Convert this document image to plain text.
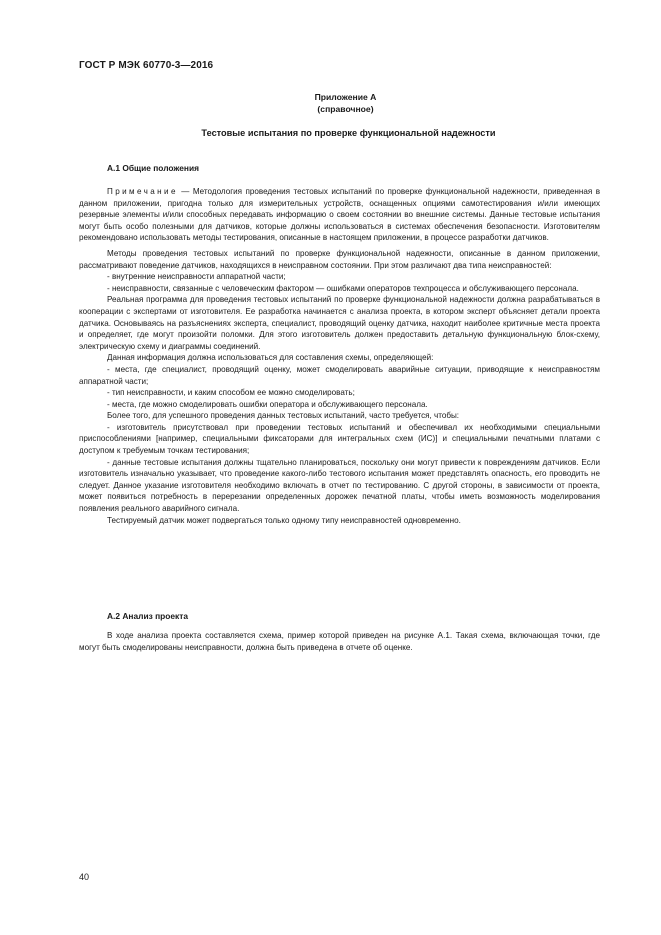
ГОСТ Р МЭК 60770-3—2016
Приложение А
(справочное)
Тестовые испытания по проверке функциональной надежности
А.1 Общие положения

Примечание — Методология проведения тестовых испытаний по проверке функциональной надежности, приведенная в данном приложении, пригодна только для измерительных устройств, оснащенных опциями самотестирования и/или имеющих резервные элементы и/или способных передавать информацию о своем состоянии во внешние системы. Данные тестовые испытания могут быть особо полезными для датчиков, которые должны использоваться в системах обеспечения безопасности. Изготовителям рекомендовано использовать методы тестирования, описанные в настоящем приложении, в процессе разработки датчиков.

Методы проведения тестовых испытаний по проверке функциональной надежности, описанные в данном приложении, рассматривают поведение датчиков, находящихся в неисправном состоянии. При этом различают два типа неисправностей:

- внутренние неисправности аппаратной части;

- неисправности, связанные с человеческим фактором — ошибками операторов техпроцесса и обслуживающего персонала.

Реальная программа для проведения тестовых испытаний по проверке функциональной надежности должна разрабатываться в кооперации с экспертами от изготовителя. Ее разработка начинается с анализа проекта, в котором эксперт объясняет детали проекта датчика. Основываясь на разъяснениях эксперта, специалист, проводящий оценку датчика, находит наиболее критичные места проекта и определяет, где могут произойти поломки. Для этого изготовитель должен предоставить детальную функциональную блок-схему, электрическую схему и диаграммы соединений.

Данная информация должна использоваться для составления схемы, определяющей:

- места, где специалист, проводящий оценку, может смоделировать аварийные ситуации, приводящие к неисправностям аппаратной части;

- тип неисправности, и каким способом ее можно смоделировать;

- места, где можно смоделировать ошибки оператора и обслуживающего персонала.

Более того, для успешного проведения данных тестовых испытаний, часто требуется, чтобы:

- изготовитель присутствовал при проведении тестовых испытаний и обеспечивал их необходимыми специальными приспособлениями [например, специальными фиксаторами для интегральных схем (ИС)] и специальными печатными платами с доступом к требуемым точкам тестирования;

- данные тестовые испытания должны тщательно планироваться, поскольку они могут привести к повреждениям датчиков. Если изготовитель изначально указывает, что проведение какого-либо тестового испытания может представлять опасность, его проводить не следует. Данное указание изготовителя необходимо включать в отчет по тестированию. С другой стороны, в зависимости от проекта, может появиться потребность в перерезании определенных дорожек печатной платы, чтобы иметь возможность моделирования появления реального аварийного сигнала.

Тестируемый датчик может подвергаться только одному типу неисправностей одновременно.

А.2 Анализ проекта

В ходе анализа проекта составляется схема, пример которой приведен на рисунке А.1. Такая схема, включающая точки, где могут быть смоделированы неисправности, должна быть приведена в отчете об оценке.

40
